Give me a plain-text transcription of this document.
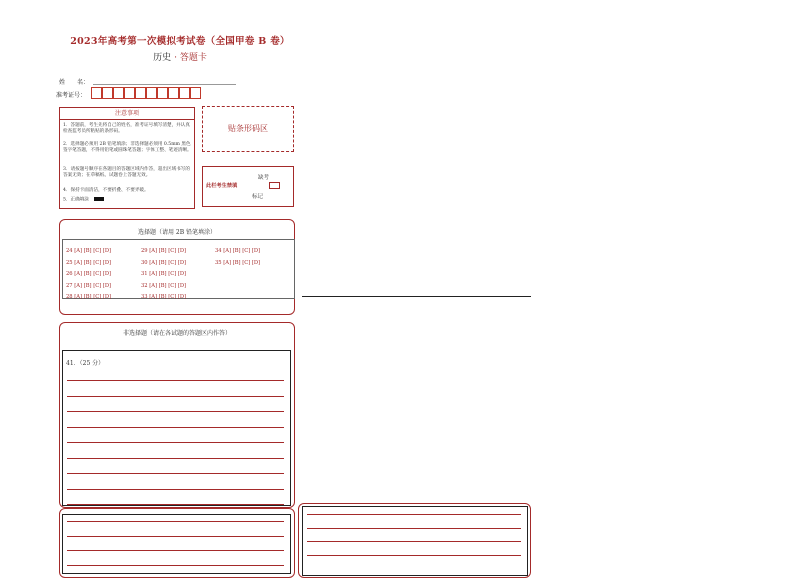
2023年高考第一次模拟考试卷（全国甲卷 B 卷）
历史 · 答题卡
姓　　名：
准考证号：
注意事项
1．答题前，考生先将自己的姓名，准考证号填写清楚，并认真检查监考员所粘贴的条形码。
2．选择题必须用 2B 铅笔填涂；非选择题必须用 0.5mm 黑色签字笔答题，不得用铅笔或圆珠笔答题；字体工整、笔迹清晰。
3．请按题号顺序在各题目的答题区域内作答，超出区域书写的答案无效；在草稿纸、试题卷上答题无效。
4．保持卡面清洁，不要折叠、不要弄破。
5．正确填涂
贴条形码区
缺考
此栏考生禁填
标记
选择题（请用 2B 铅笔填涂）
24 [A] [B] [C] [D]
25 [A] [B] [C] [D]
26 [A] [B] [C] [D]
27 [A] [B] [C] [D]
28 [A] [B] [C] [D]
29 [A] [B] [C] [D]
30 [A] [B] [C] [D]
31 [A] [B] [C] [D]
32 [A] [B] [C] [D]
33 [A] [B] [C] [D]
34 [A] [B] [C] [D]
35 [A] [B] [C] [D]
非选择题（请在各试题的答题区内作答）
41．（25 分）
